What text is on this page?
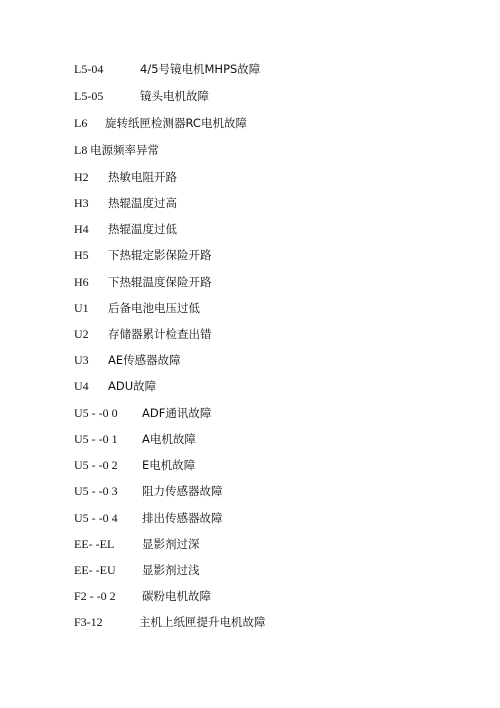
L5-04	4/5号镜电机MHPS故障
L5-05	镜头电机故障
L6 旋转纸匣检测器RC电机故障
L8 电源频率异常
H2 热敏电阻开路
H3 热辊温度过高
H4 热辊温度过低
H5 下热辊定影保险开路
H6 下热辊温度保险开路
U1 后备电池电压过低
U2 存储器累计检查出错
U3 AE传感器故障
U4 ADU故障
U5 - -0 0 ADF通讯故障
U5 - -0 1 A电机故障
U5 - -0 2 E电机故障
U5 - -0 3 阻力传感器故障
U5 - -0 4 排出传感器故障
EE- -EL 显影剂过深
EE- -EU 显影剂过浅
F2 - -0 2 碳粉电机故障
F3-12	主机上纸匣提升电机故障
